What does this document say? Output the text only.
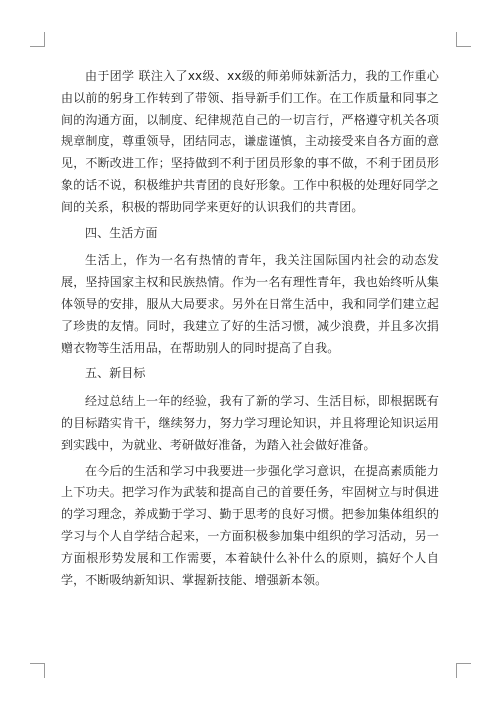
由于团学 联注入了xx级、xx级的师弟师妹新活力，我的工作重心由以前的躬身工作转到了带领、指导新手们工作。在工作质量和同事之间的沟通方面，以制度、纪律规范自己的一切言行，严格遵守机关各项规章制度，尊重领导，团结同志，谦虚谨慎，主动接受来自各方面的意见，不断改进工作；坚持做到不利于团员形象的事不做，不利于团员形象的话不说，积极维护共青团的良好形象。工作中积极的处理好同学之间的关系，积极的帮助同学来更好的认识我们的共青团。

四、生活方面

生活上，作为一名有热情的青年，我关注国际国内社会的动态发展，坚持国家主权和民族热情。作为一名有理性青年，我也始终听从集体领导的安排，服从大局要求。另外在日常生活中，我和同学们建立起了珍贵的友情。同时，我建立了好的生活习惯，减少浪费，并且多次捐赠衣物等生活用品，在帮助别人的同时提高了自我。

五、新目标

经过总结上一年的经验，我有了新的学习、生活目标，即根据既有的目标踏实肯干，继续努力，努力学习理论知识，并且将理论知识运用到实践中，为就业、考研做好准备，为踏入社会做好准备。

在今后的生活和学习中我要进一步强化学习意识，在提高素质能力上下功夫。把学习作为武装和提高自己的首要任务，牢固树立与时俱进的学习理念，养成勤于学习、勤于思考的良好习惯。把参加集体组织的学习与个人自学结合起来，一方面积极参加集中组织的学习活动，另一方面根形势发展和工作需要，本着缺什么补什么的原则，搞好个人自学，不断吸纳新知识、掌握新技能、增强新本领。
